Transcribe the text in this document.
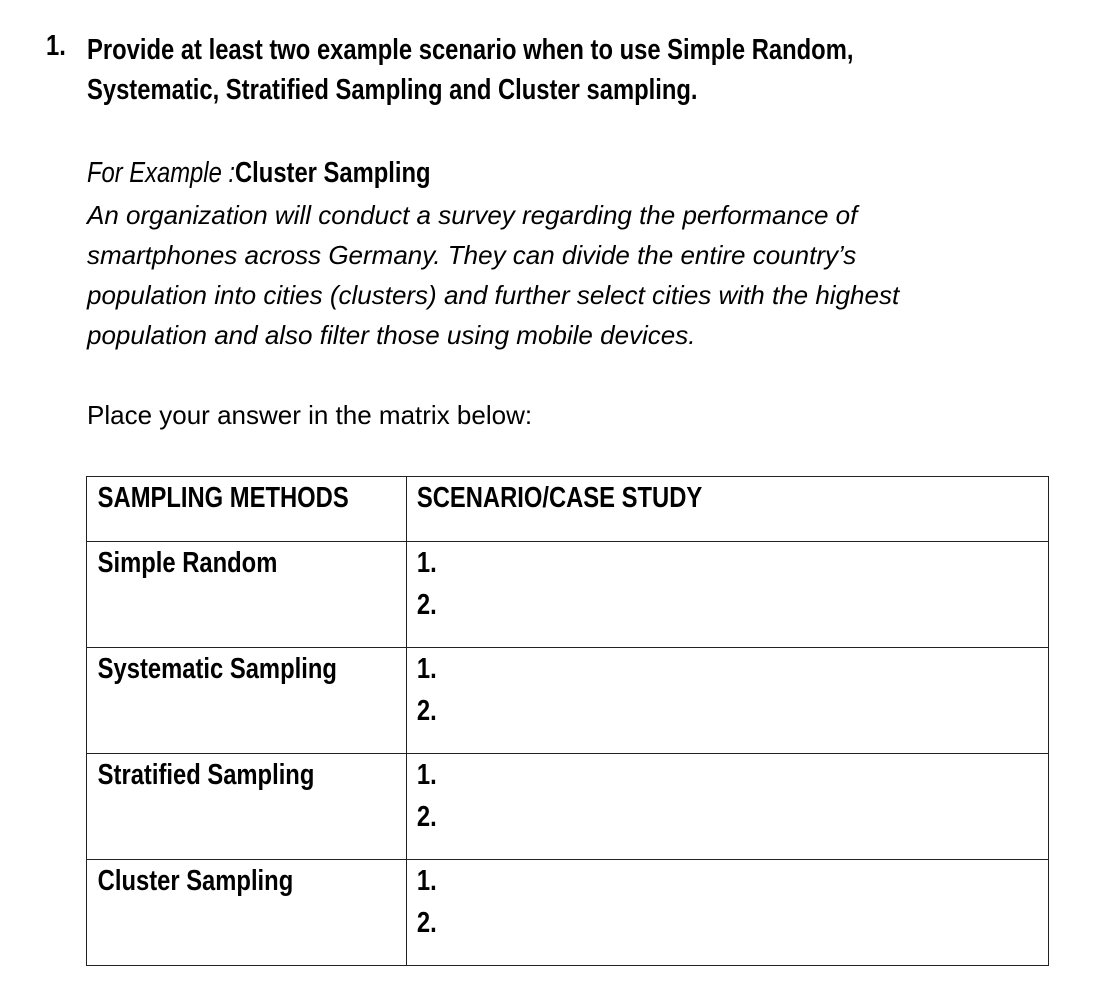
1. Provide at least two example scenario when to use Simple Random,
Systematic, Stratified Sampling and Cluster sampling.
For Example :Cluster Sampling
An organization will conduct a survey regarding the performance of
smartphones across Germany. They can divide the entire country’s
population into cities (clusters) and further select cities with the highest
population and also filter those using mobile devices.
Place your answer in the matrix below:
SAMPLING METHODS	SCENARIO/CASE STUDY
Simple Random	1.
2.

Systematic Sampling	1.
2.

Stratified Sampling	1.
2.

Cluster Sampling	1.
2.
